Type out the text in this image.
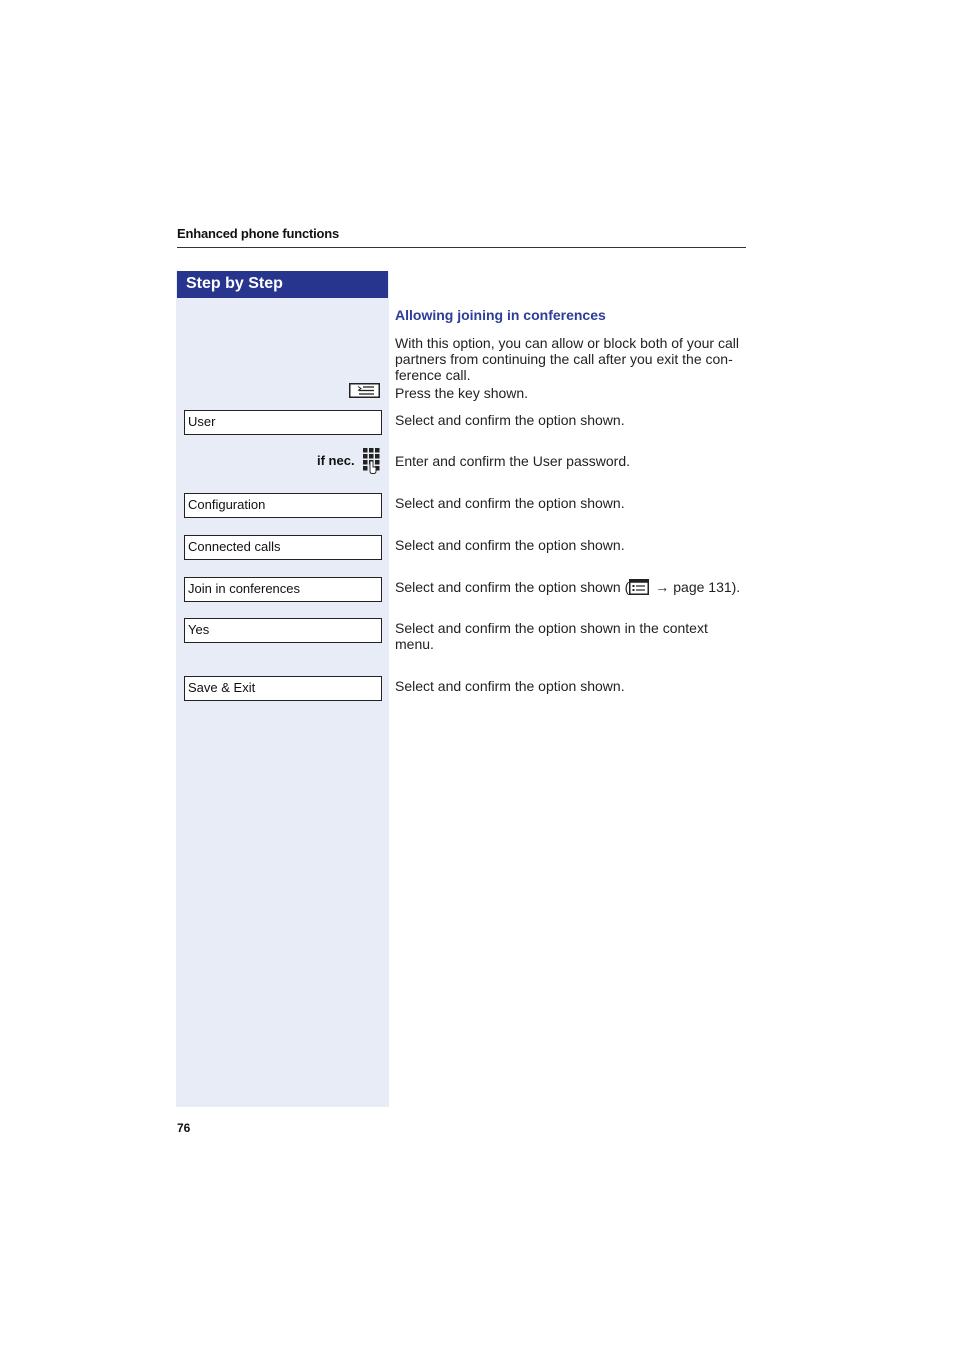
Enhanced phone functions
Step by Step
Allowing joining in conferences
With this option, you can allow or block both of your call partners from continuing the call after you exit the con-ference call.
Press the key shown.
User	Select and confirm the option shown.
if nec.	Enter and confirm the User password.
Configuration	Select and confirm the option shown.
Connected calls	Select and confirm the option shown.
Join in conferences	Select and confirm the option shown ( → page 131).
Yes	Select and confirm the option shown in the context menu.
Save & Exit	Select and confirm the option shown.
76
